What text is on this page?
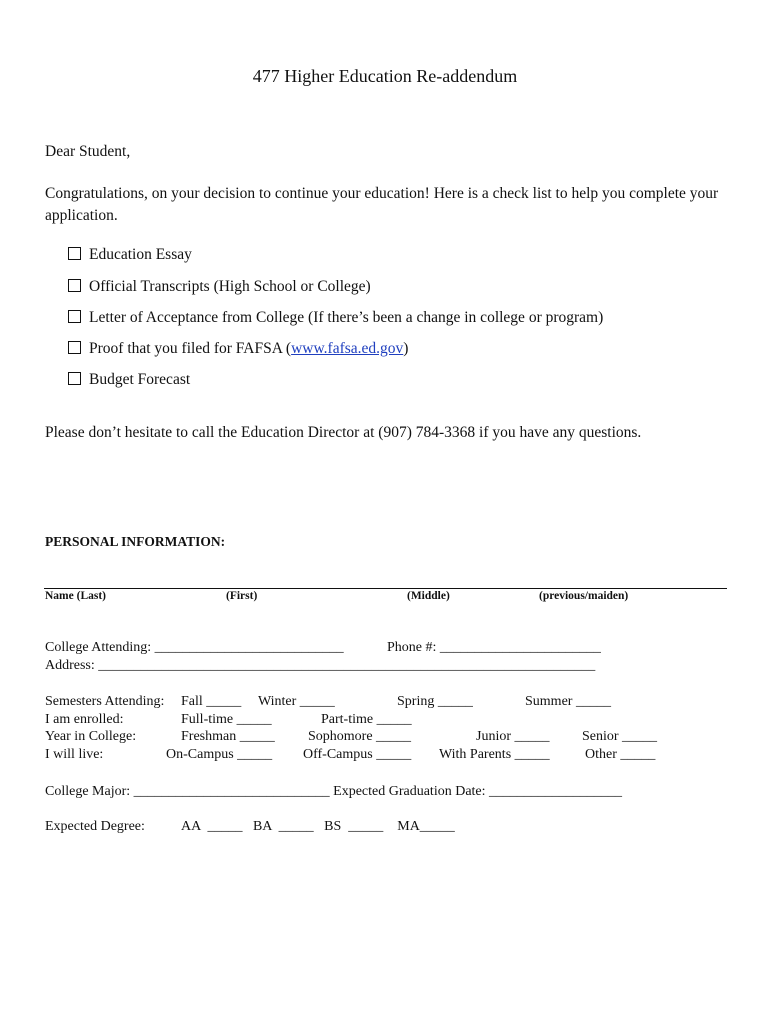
477 Higher Education Re-addendum
Dear Student,
Congratulations, on your decision to continue your education! Here is a check list to help you complete your application.
Education Essay
Official Transcripts (High School or College)
Letter of Acceptance from College (If there’s been a change in college or program)
Proof that you filed for FAFSA (www.fafsa.ed.gov)
Budget Forecast
Please don’t hesitate to call the Education Director at (907) 784-3368 if you have any questions.
PERSONAL INFORMATION:
Name (Last)	(First)	(Middle)	(previous/maiden)
College Attending: ___________________________	Phone #: _______________________
Address: _______________________________________________________________________
Semesters Attending: Fall _____ Winter _____	Spring _____	Summer _____
I am enrolled:	Full-time _____	Part-time _____
Year in College:	Freshman _____ Sophomore _____	Junior _____ Senior _____
I will live:	On-Campus _____ Off-Campus _____ With Parents _____	Other _____
College Major: ____________________________ Expected Graduation Date: ___________________
Expected Degree:	AA  _____   BA  _____   BS  _____    MA_____
